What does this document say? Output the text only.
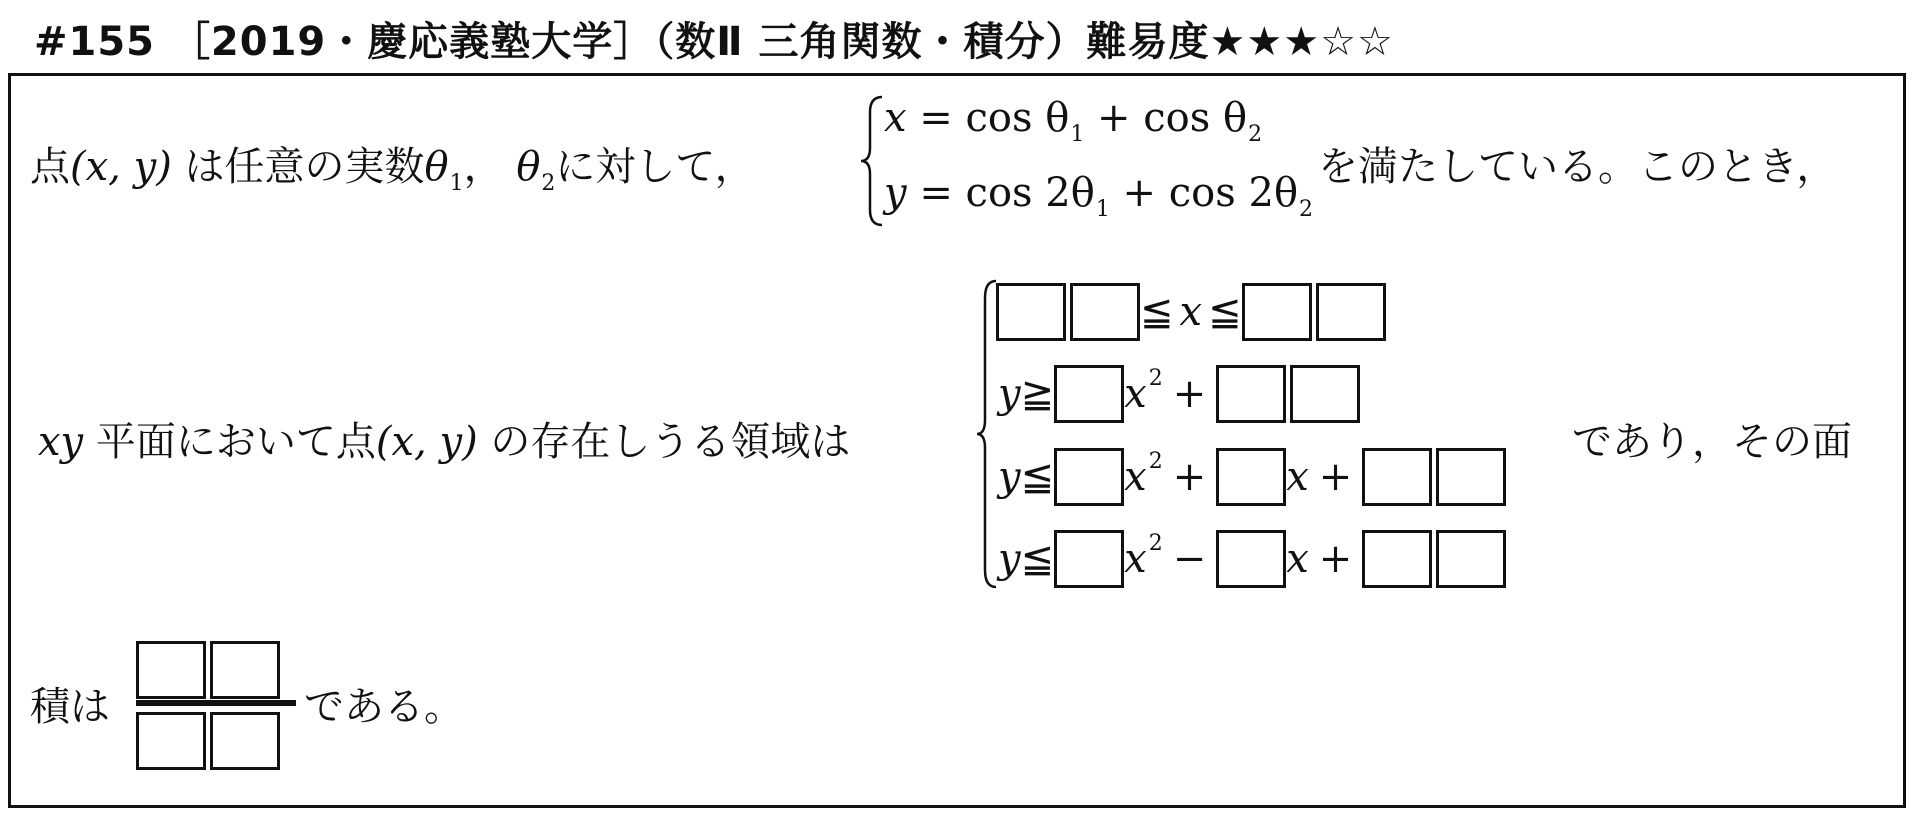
#155 ［2019・慶応義塾大学］（数Ⅱ 三角関数・積分）難易度★★★☆☆
点(x, y) は任意の実数$\theta_1$， $\theta_2$に対して，
$x = \cos \theta_1 + \cos \theta_2$
$y = \cos 2\theta_1 + \cos 2\theta_2$
を満たしている。このとき，
xy 平面において点(x, y) の存在しうる領域は
≦ x ≦
y ≧ x 2 +
y ≦ x 2 + x +
y ≦ x 2 − x +
であり，その面
積は	である。
